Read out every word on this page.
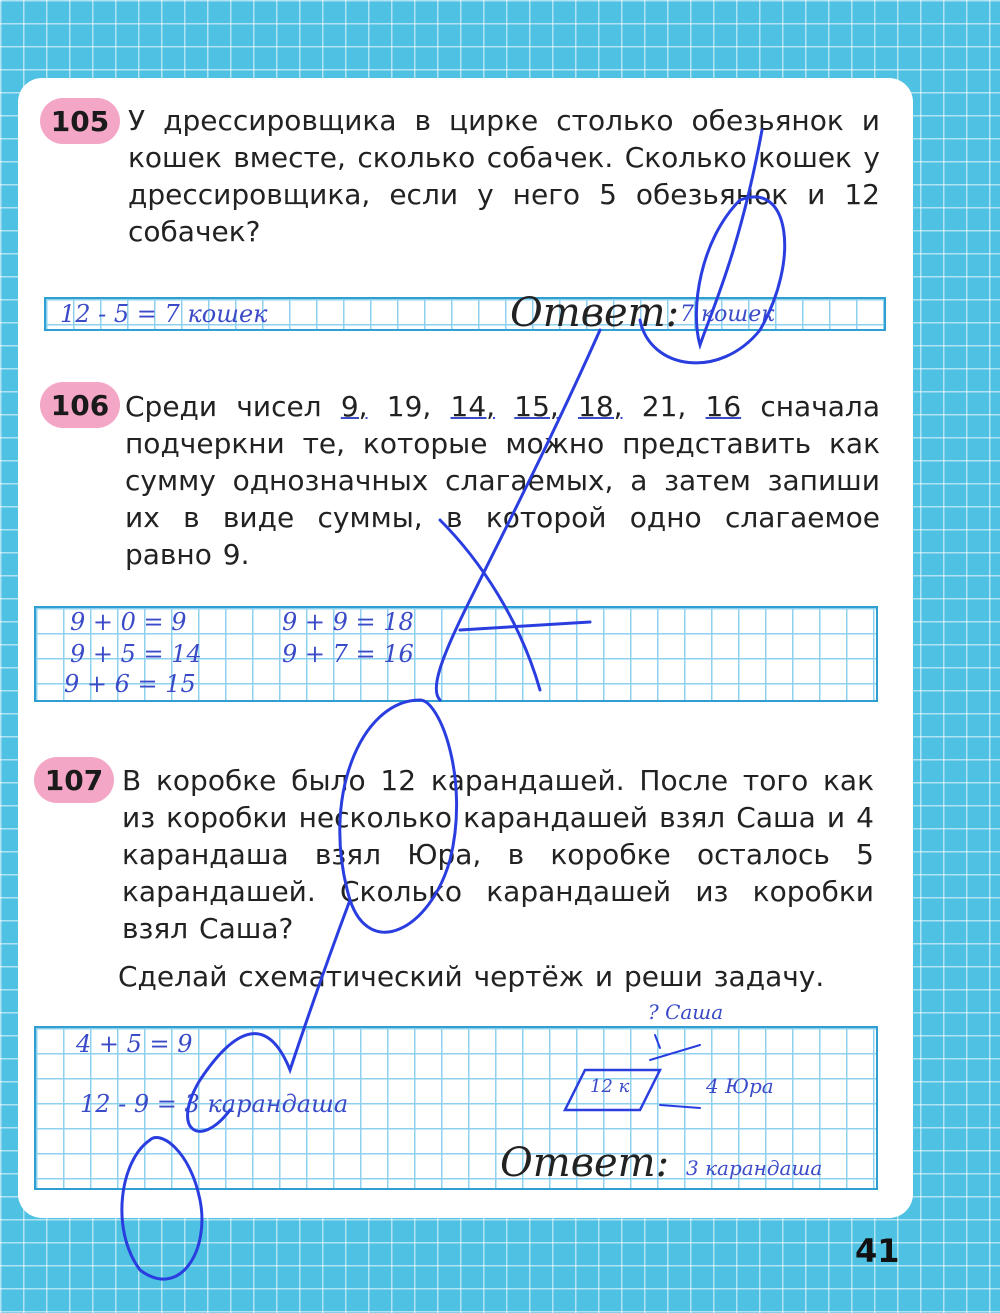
105 У дрессировщика в цирке столько обезьянок и кошек вместе, сколько собачек. Сколько кошек у дрессировщика, если у него 5 обезьянок и 12 собачек?
12 - 5 = 7 кошек	Ответ: 7 кошек
106 Среди чисел 9, 19, 14, 15, 18, 21, 16 сначала подчеркни те, которые можно представить как сумму однозначных слагаемых, а затем запиши их в виде суммы, в которой одно слагаемое равно 9.
9 + 0 = 9
9 + 5 = 14
9 + 6 = 15
9 + 9 = 18
9 + 7 = 16
107 В коробке было 12 карандашей. После того как из коробки несколько карандашей взял Саша и 4 карандаша взял Юра, в коробке осталось 5 карандашей. Сколько карандашей из коробки взял Саша?
Сделай схематический чертёж и реши задачу.
4 + 5 = 9
12 - 9 = 3 карандаша
? Саша
12 к	4 Юра
Ответ: 3 карандаша
41
